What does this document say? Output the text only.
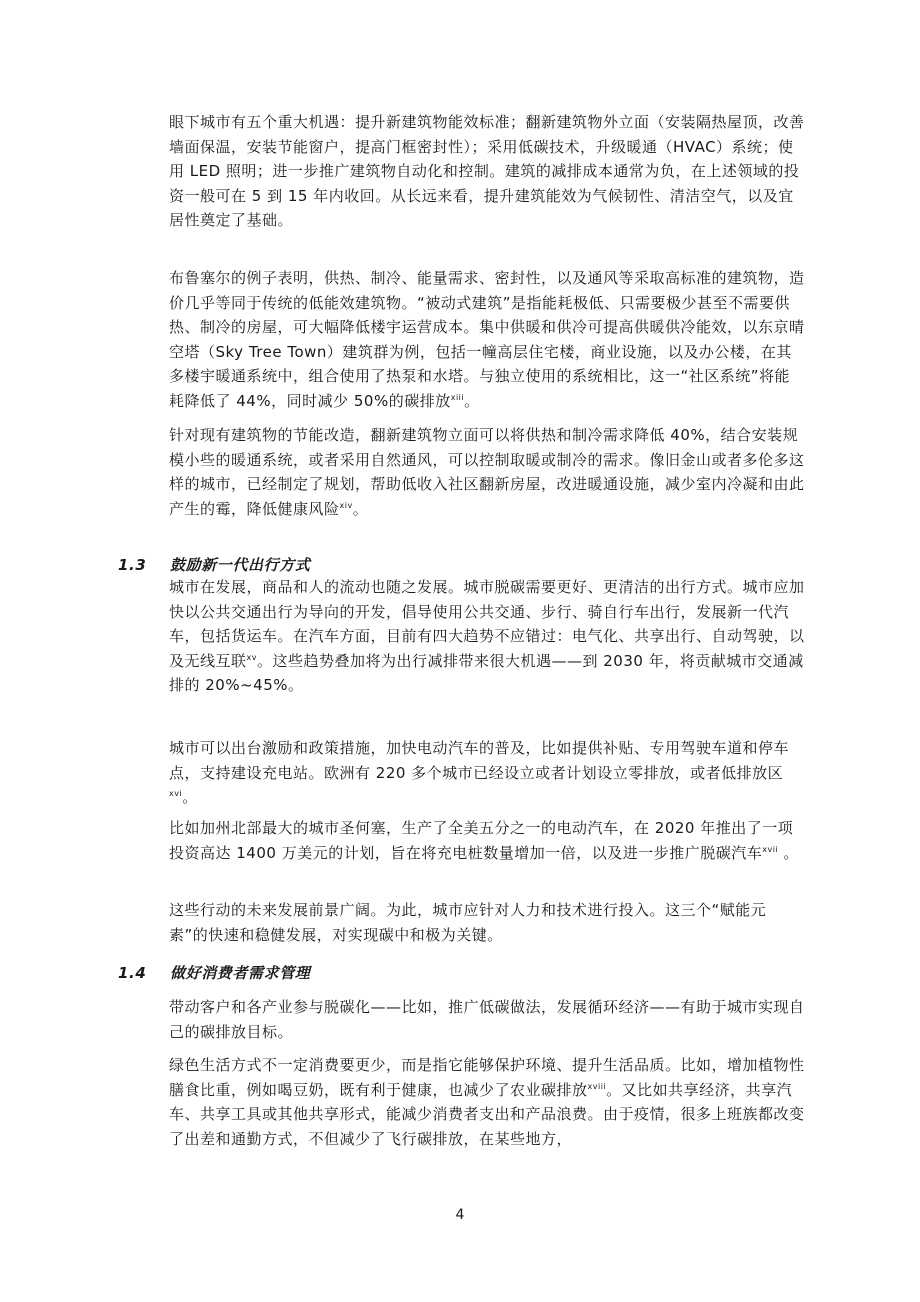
眼下城市有五个重大机遇：提升新建筑物能效标准；翻新建筑物外立面（安装隔热屋顶，改善墙面保温，安装节能窗户，提高门框密封性）；采用低碳技术，升级暖通（HVAC）系统；使用 LED 照明；进一步推广建筑物自动化和控制。建筑的减排成本通常为负，在上述领域的投资一般可在 5 到 15 年内收回。从长远来看，提升建筑能效为气候韧性、清洁空气，以及宜居性奠定了基础。

布鲁塞尔的例子表明，供热、制冷、能量需求、密封性，以及通风等采取高标准的建筑物，造价几乎等同于传统的低能效建筑物。“被动式建筑”是指能耗极低、只需要极少甚至不需要供热、制冷的房屋，可大幅降低楼宇运营成本。集中供暖和供冷可提高供暖供冷能效，以东京晴空塔（Sky Tree Town）建筑群为例，包括一幢高层住宅楼，商业设施，以及办公楼，在其多楼宇暖通系统中，组合使用了热泵和水塔。与独立使用的系统相比，这一“社区系统”将能耗降低了 44%，同时减少 50%的碳排放$^{xiii}$。

针对现有建筑物的节能改造，翻新建筑物立面可以将供热和制冷需求降低 40%，结合安装规模小些的暖通系统，或者采用自然通风，可以控制取暖或制冷的需求。像旧金山或者多伦多这样的城市，已经制定了规划，帮助低收入社区翻新房屋，改进暖通设施，减少室内冷凝和由此产生的霉，降低健康风险$^{xiv}$。

1.3 鼓励新一代出行方式

城市在发展，商品和人的流动也随之发展。城市脱碳需要更好、更清洁的出行方式。城市应加快以公共交通出行为导向的开发，倡导使用公共交通、步行、骑自行车出行，发展新一代汽车，包括货运车。在汽车方面，目前有四大趋势不应错过：电气化、共享出行、自动驾驶，以及无线互联$^{xv}$。这些趋势叠加将为出行减排带来很大机遇——到 2030 年，将贡献城市交通减排的 20%~45%。

城市可以出台激励和政策措施，加快电动汽车的普及，比如提供补贴、专用驾驶车道和停车点，支持建设充电站。欧洲有 220 多个城市已经设立或者计划设立零排放，或者低排放区$^{xvi}$。

比如加州北部最大的城市圣何塞，生产了全美五分之一的电动汽车，在 2020 年推出了一项投资高达 1400 万美元的计划，旨在将充电桩数量增加一倍，以及进一步推广脱碳汽车$^{xvii}$ 。

这些行动的未来发展前景广阔。为此，城市应针对人力和技术进行投入。这三个“赋能元素”的快速和稳健发展，对实现碳中和极为关键。

1.4 做好消费者需求管理

带动客户和各产业参与脱碳化——比如，推广低碳做法，发展循环经济——有助于城市实现自己的碳排放目标。

绿色生活方式不一定消费要更少，而是指它能够保护环境、提升生活品质。比如，增加植物性膳食比重，例如喝豆奶，既有利于健康，也减少了农业碳排放$^{xviii}$。又比如共享经济，共享汽车、共享工具或其他共享形式，能减少消费者支出和产品浪费。由于疫情，很多上班族都改变了出差和通勤方式，不但减少了飞行碳排放，在某些地方，

4
